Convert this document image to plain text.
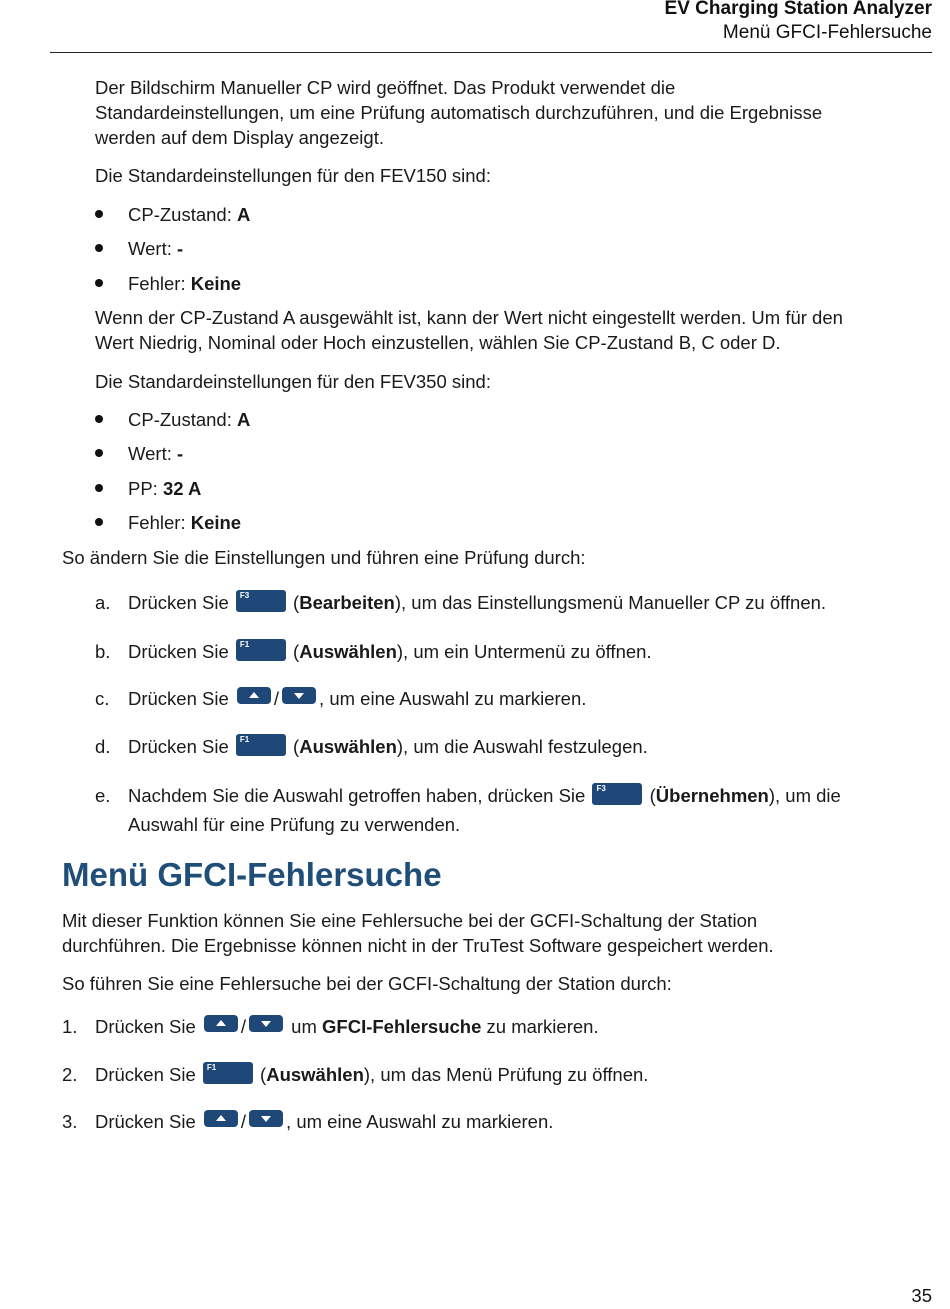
EV Charging Station Analyzer
Menü GFCI-Fehlersuche
Der Bildschirm Manueller CP wird geöffnet. Das Produkt verwendet die
Standardeinstellungen, um eine Prüfung automatisch durchzuführen, und die Ergebnisse
werden auf dem Display angezeigt.
Die Standardeinstellungen für den FEV150 sind:
CP-Zustand: A
Wert: -
Fehler: Keine
Wenn der CP-Zustand A ausgewählt ist, kann der Wert nicht eingestellt werden. Um für den
Wert Niedrig, Nominal oder Hoch einzustellen, wählen Sie CP-Zustand B, C oder D.
Die Standardeinstellungen für den FEV350 sind:
CP-Zustand: A
Wert: -
PP: 32 A
Fehler: Keine
So ändern Sie die Einstellungen und führen eine Prüfung durch:
a. Drücken Sie F3 (Bearbeiten), um das Einstellungsmenü Manueller CP zu öffnen.
b. Drücken Sie F1 (Auswählen), um ein Untermenü zu öffnen.
c. Drücken Sie / , um eine Auswahl zu markieren.
d. Drücken Sie F1 (Auswählen), um die Auswahl festzulegen.
e. Nachdem Sie die Auswahl getroffen haben, drücken Sie F3 (Übernehmen), um die
Auswahl für eine Prüfung zu verwenden.
Menü GFCI-Fehlersuche
Mit dieser Funktion können Sie eine Fehlersuche bei der GCFI-Schaltung der Station
durchführen. Die Ergebnisse können nicht in der TruTest Software gespeichert werden.
So führen Sie eine Fehlersuche bei der GCFI-Schaltung der Station durch:
1. Drücken Sie /
um GFCI-Fehlersuche zu markieren.
2. Drücken Sie F1 (Auswählen), um das Menü Prüfung zu öffnen.
3. Drücken Sie / , um eine Auswahl zu markieren.
35
